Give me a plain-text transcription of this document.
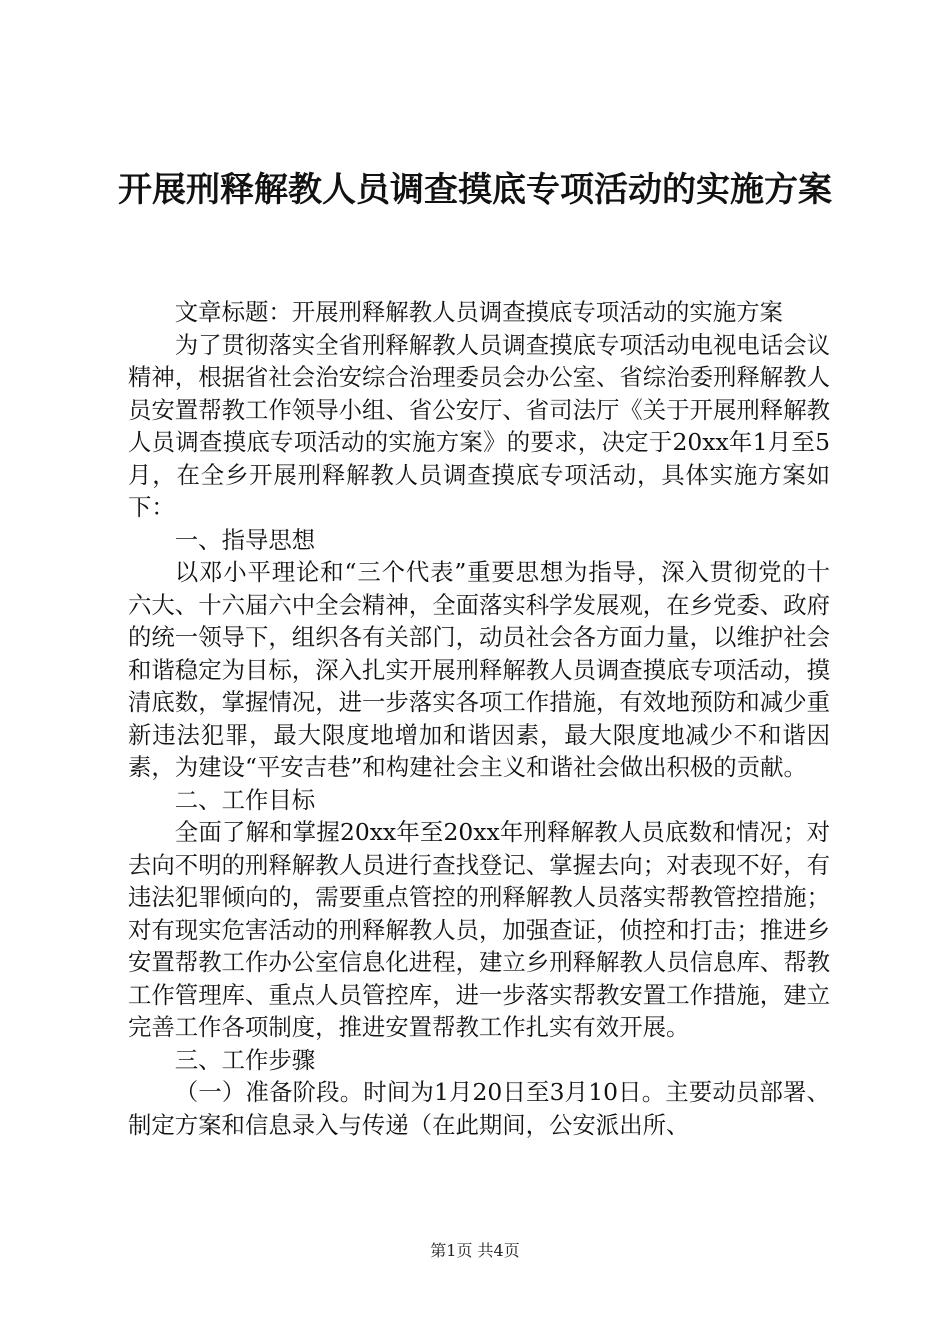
开展刑释解教人员调查摸底专项活动的实施方案

文章标题：开展刑释解教人员调查摸底专项活动的实施方案

为了贯彻落实全省刑释解教人员调查摸底专项活动电视电话会议精神，根据省社会治安综合治理委员会办公室、省综治委刑释解教人员安置帮教工作领导小组、省公安厅、省司法厅《关于开展刑释解教人员调查摸底专项活动的实施方案》的要求，决定于20xx年1月至5月，在全乡开展刑释解教人员调查摸底专项活动，具体实施方案如下：

一、指导思想

以邓小平理论和“三个代表”重要思想为指导，深入贯彻党的十六大、十六届六中全会精神，全面落实科学发展观，在乡党委、政府的统一领导下，组织各有关部门，动员社会各方面力量，以维护社会和谐稳定为目标，深入扎实开展刑释解教人员调查摸底专项活动，摸清底数，掌握情况，进一步落实各项工作措施，有效地预防和减少重新违法犯罪，最大限度地增加和谐因素，最大限度地减少不和谐因素，为建设“平安吉巷”和构建社会主义和谐社会做出积极的贡献。

二、工作目标

全面了解和掌握20xx年至20xx年刑释解教人员底数和情况；对去向不明的刑释解教人员进行查找登记、掌握去向；对表现不好，有违法犯罪倾向的，需要重点管控的刑释解教人员落实帮教管控措施；对有现实危害活动的刑释解教人员，加强查证，侦控和打击；推进乡安置帮教工作办公室信息化进程，建立乡刑释解教人员信息库、帮教工作管理库、重点人员管控库，进一步落实帮教安置工作措施，建立完善工作各项制度，推进安置帮教工作扎实有效开展。

三、工作步骤

（一）准备阶段。时间为1月20日至3月10日。主要动员部署、制定方案和信息录入与传递（在此期间，公安派出所、

第1页 共4页
